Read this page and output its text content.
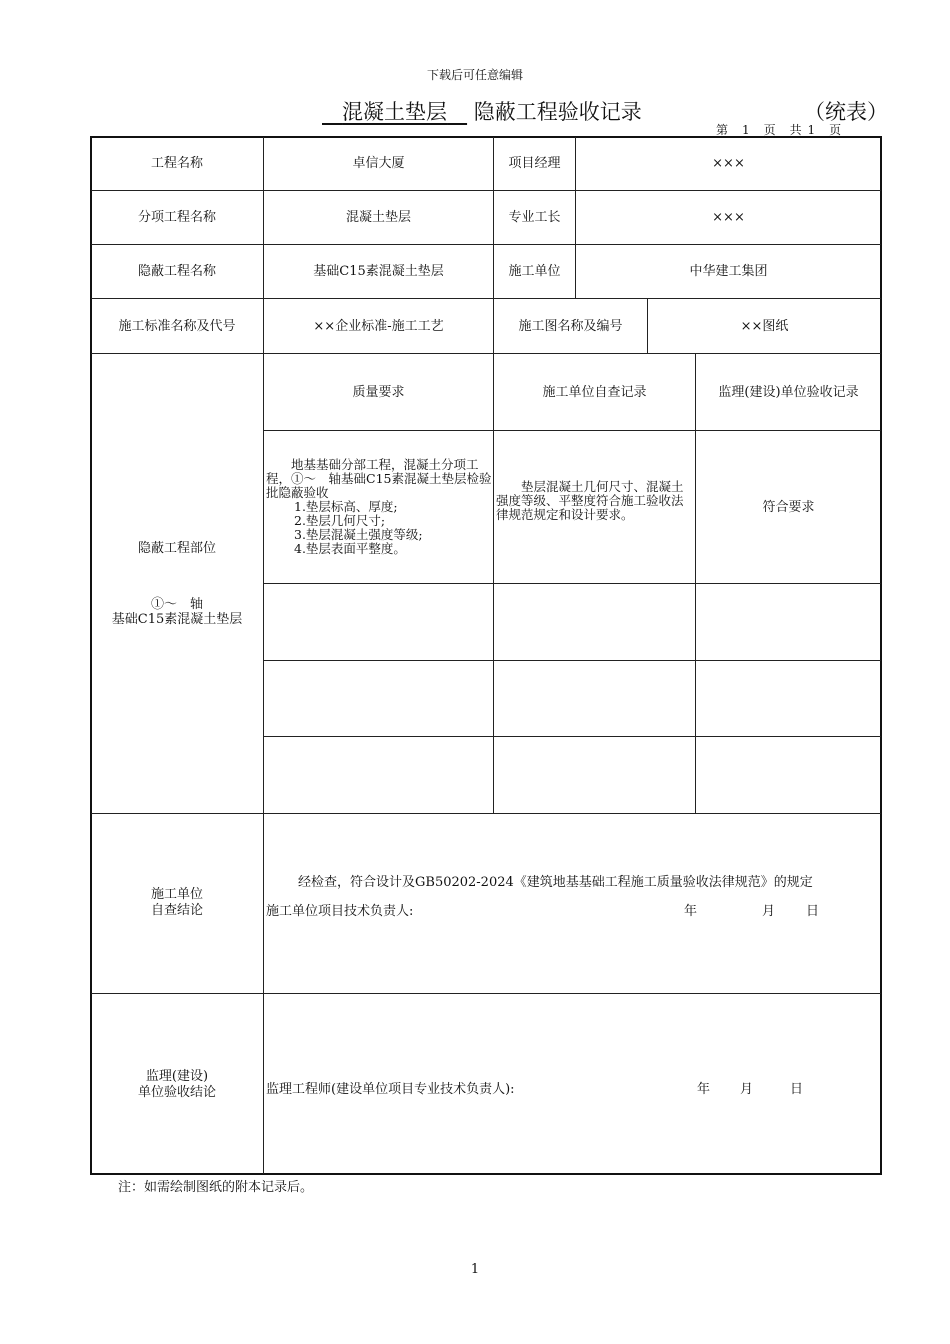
下载后可任意编辑
混凝土垫层 隐蔽工程验收记录	（统表）
第　1　页　共 1　页
工程名称	卓信大厦	项目经理	×××
分项工程名称	混凝土垫层	专业工长	×××
隐蔽工程名称	基础C15素混凝土垫层	施工单位	中华建工集团
施工标准名称及代号	××企业标准-施工工艺	施工图名称及编号	××图纸
隐蔽工程部位
①～　轴
基础C15素混凝土垫层
质量要求	施工单位自查记录	监理(建设)单位验收记录
　　地基基础分部工程，混凝土分项工程，①～　轴基础C15素混凝土垫层检验批隐蔽验收
1.垫层标高、厚度;
2.垫层几何尺寸;
3.垫层混凝土强度等级;
4.垫层表面平整度。
　　垫层混凝土几何尺寸、混凝土强度等级、平整度符合施工验收法律规范规定和设计要求。	符合要求
施工单位
自查结论
经检查，符合设计及GB50202-2024《建筑地基基础工程施工质量验收法律规范》的规定
施工单位项目技术负责人:	年	月 日
监理(建设)
单位验收结论	监理工程师(建设单位项目专业技术负责人):	年 月	日
注：如需绘制图纸的附本记录后。
1
